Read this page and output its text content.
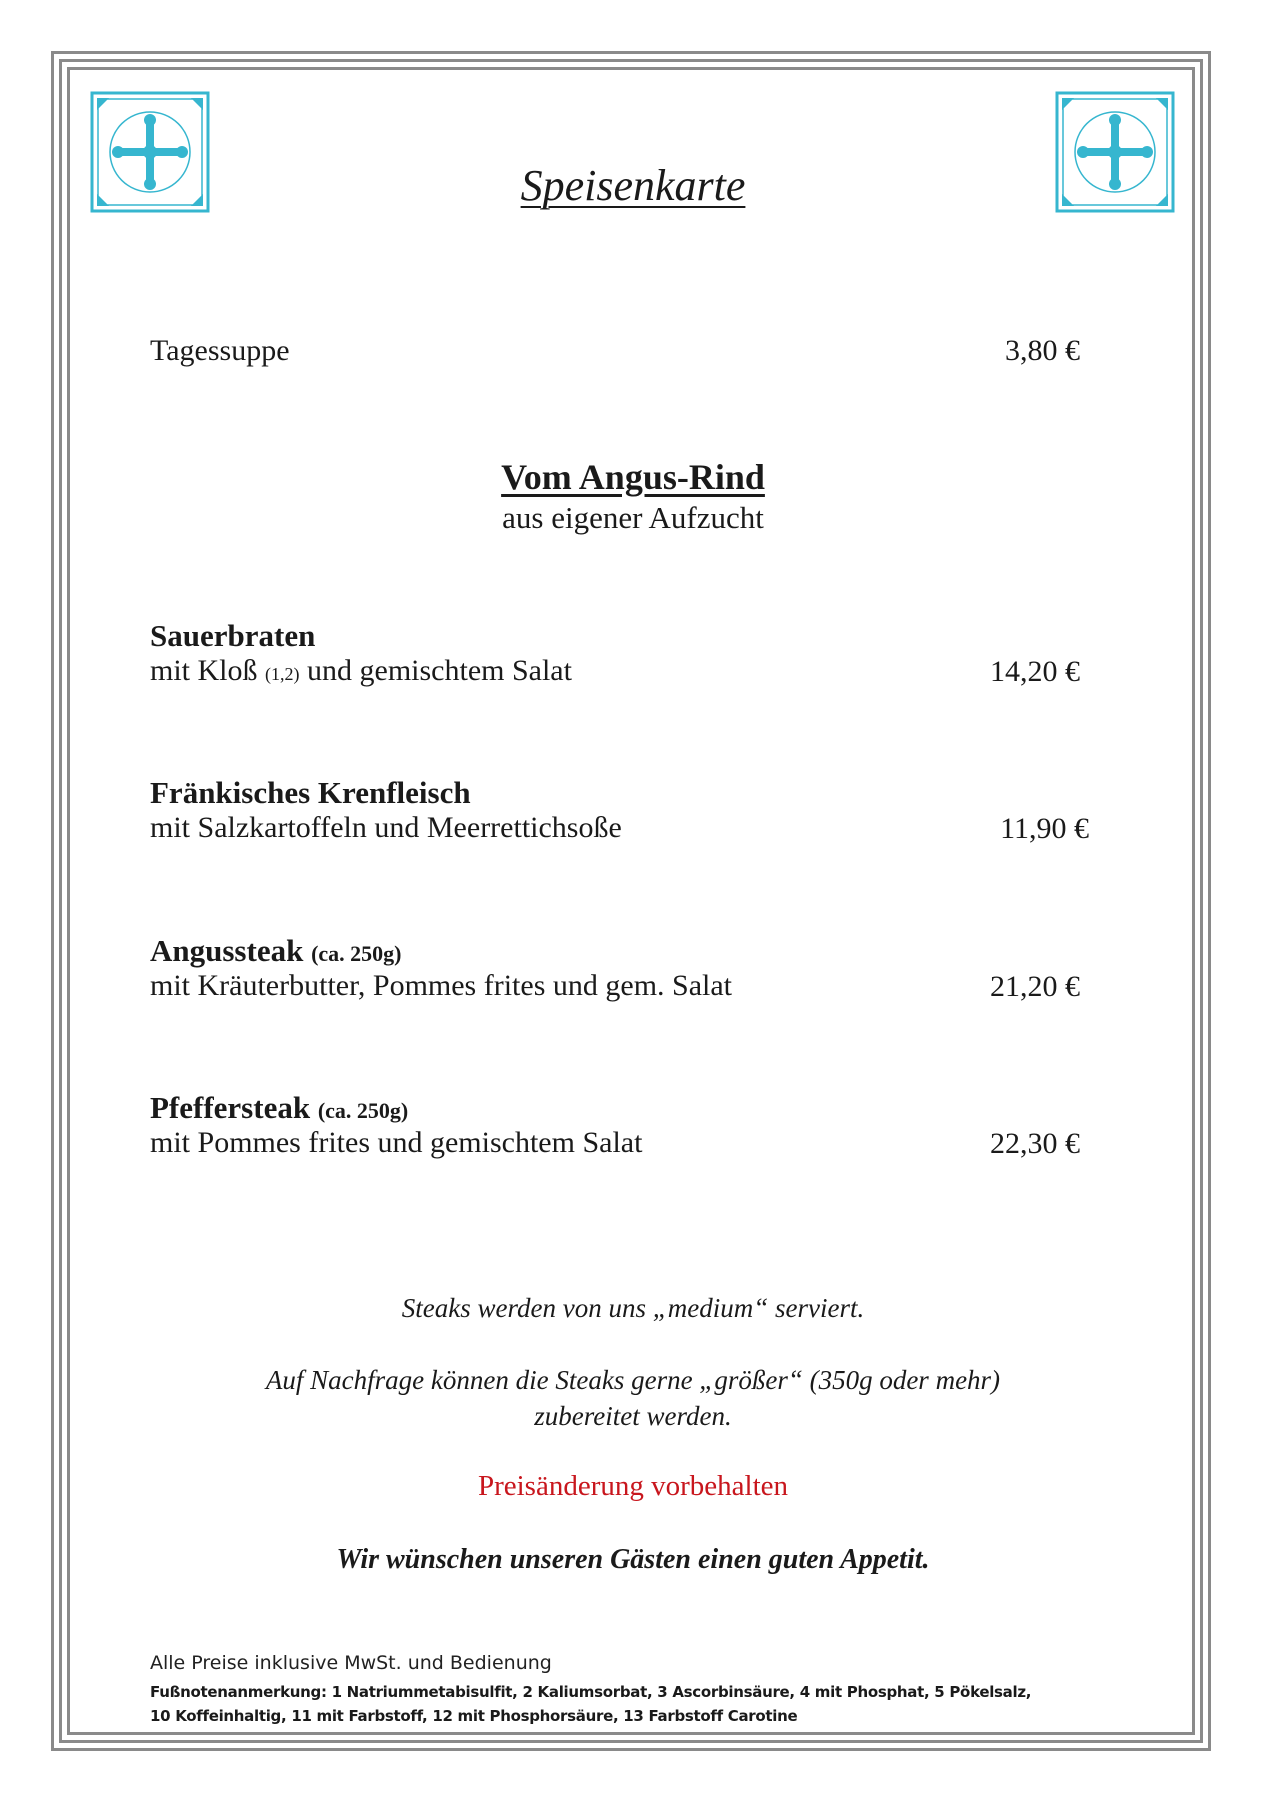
Speisenkarte
Tagessuppe	3,80 €
Vom Angus-Rind
aus eigener Aufzucht
Sauerbraten
mit Kloß (1,2) und gemischtem Salat	14,20 €
Fränkisches Krenfleisch
mit Salzkartoffeln und Meerrettichsoße	11,90 €
Angussteak (ca. 250g)
mit Kräuterbutter, Pommes frites und gem. Salat	21,20 €
Pfeffersteak (ca. 250g)
mit Pommes frites und gemischtem Salat	22,30 €
Steaks werden von uns „medium“ serviert.
Auf Nachfrage können die Steaks gerne „größer“ (350g oder mehr)
zubereitet werden.
Preisänderung vorbehalten
Wir wünschen unseren Gästen einen guten Appetit.
Alle Preise inklusive MwSt. und Bedienung
Fußnotenanmerkung: 1 Natriummetabisulfit, 2 Kaliumsorbat, 3 Ascorbinsäure, 4 mit Phosphat, 5 Pökelsalz,
10 Koffeinhaltig, 11 mit Farbstoff, 12 mit Phosphorsäure, 13 Farbstoff Carotine
